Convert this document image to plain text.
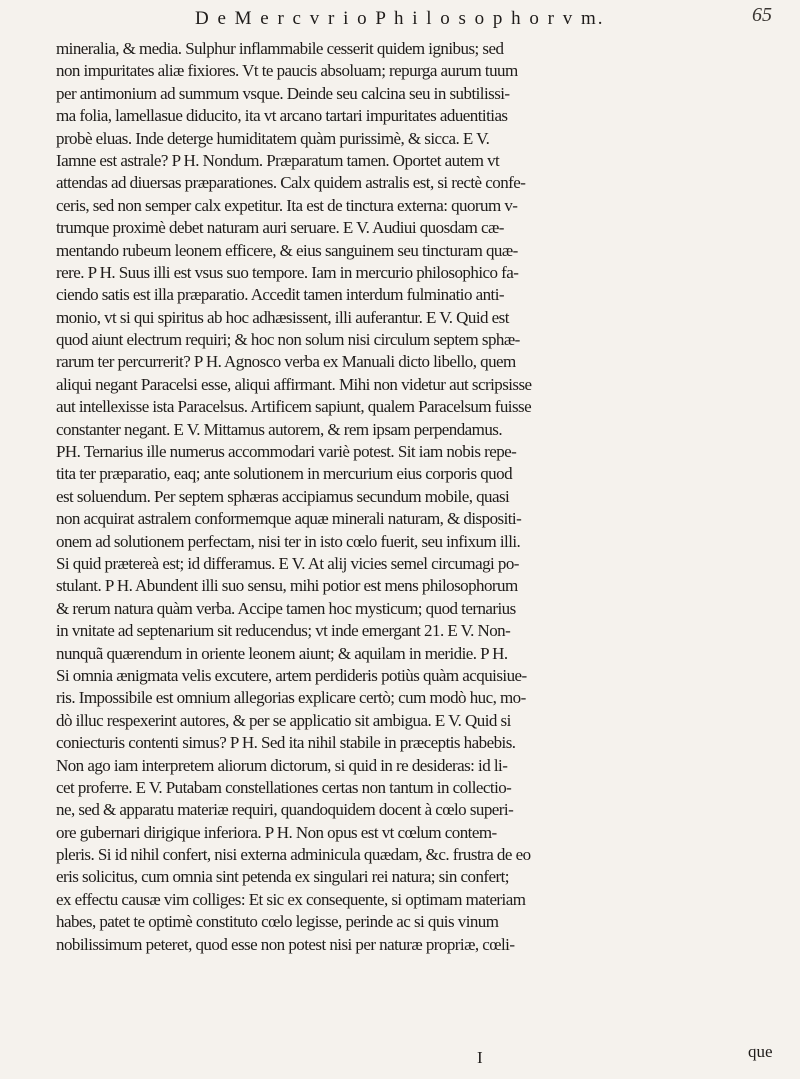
D e M e r c v r i o P h i l o s o p h o r v m.	65
mineralia, & media. Sulphur inflammabile cesserit quidem ignibus; sed
non impuritates aliæ fixiores. Vt te paucis absoluam; repurga aurum tuum
per antimonium ad summum vsque. Deinde seu calcina seu in subtilissi-
ma folia, lamellasue diducito, ita vt arcano tartari impuritates aduentitias
probè eluas. Inde deterge humiditatem quàm purissimè, & sicca. E V.
Iamne est astrale? P H. Nondum. Præparatum tamen. Oportet autem vt
attendas ad diuersas præparationes. Calx quidem astralis est, si rectè confe-
ceris, sed non semper calx expetitur. Ita est de tinctura externa: quorum v-
trumque proximè debet naturam auri seruare. E V. Audiui quosdam cæ-
mentando rubeum leonem efficere, & eius sanguinem seu tincturam quæ-
rere. P H. Suus illi est vsus suo tempore. Iam in mercurio philosophico fa-
ciendo satis est illa præparatio. Accedit tamen interdum fulminatio anti-
monio, vt si qui spiritus ab hoc adhæsissent, illi auferantur. E V. Quid est
quod aiunt electrum requiri; & hoc non solum nisi circulum septem sphæ-
rarum ter percurrerit? P H. Agnosco verba ex Manuali dicto libello, quem
aliqui negant Paracelsi esse, aliqui affirmant. Mihi non videtur aut scripsisse
aut intellexisse ista Paracelsus. Artificem sapiunt, qualem Paracelsum fuisse
constanter negant. E V. Mittamus autorem, & rem ipsam perpendamus.
PH. Ternarius ille numerus accommodari variè potest. Sit iam nobis repe-
tita ter præparatio, eaq; ante solutionem in mercurium eius corporis quod
est soluendum. Per septem sphæras accipiamus secundum mobile, quasi
non acquirat astralem conformemque aquæ minerali naturam, & dispositi-
onem ad solutionem perfectam, nisi ter in isto cœlo fuerit, seu infixum illi.
Si quid prætereà est; id differamus. E V. At alij vicies semel circumagi po-
stulant. P H. Abundent illi suo sensu, mihi potior est mens philosophorum
& rerum natura quàm verba. Accipe tamen hoc mysticum; quod ternarius
in vnitate ad septenarium sit reducendus; vt inde emergant 21. E V. Non-
nunquã quærendum in oriente leonem aiunt; & aquilam in meridie. P H.
Si omnia ænigmata velis excutere, artem perdideris potiùs quàm acquisiue-
ris. Impossibile est omnium allegorias explicare certò; cum modò huc, mo-
dò illuc respexerint autores, & per se applicatio sit ambigua. E V. Quid si
coniecturis contenti simus? P H. Sed ita nihil stabile in præceptis habebis.
Non ago iam interpretem aliorum dictorum, si quid in re desideras: id li-
cet proferre. E V. Putabam constellationes certas non tantum in collectio-
ne, sed & apparatu materiæ requiri, quandoquidem docent à cœlo superi-
ore gubernari dirigique inferiora. P H. Non opus est vt cœlum contem-
pleris. Si id nihil confert, nisi externa adminicula quædam, &c. frustra de eo
eris solicitus, cum omnia sint petenda ex singulari rei natura; sin confert;
ex effectu causæ vim colliges: Et sic ex consequente, si optimam materiam
habes, patet te optimè constituto cœlo legisse, perinde ac si quis vinum
nobilissimum peteret, quod esse non potest nisi per naturæ propriæ, cœli-
I	que
